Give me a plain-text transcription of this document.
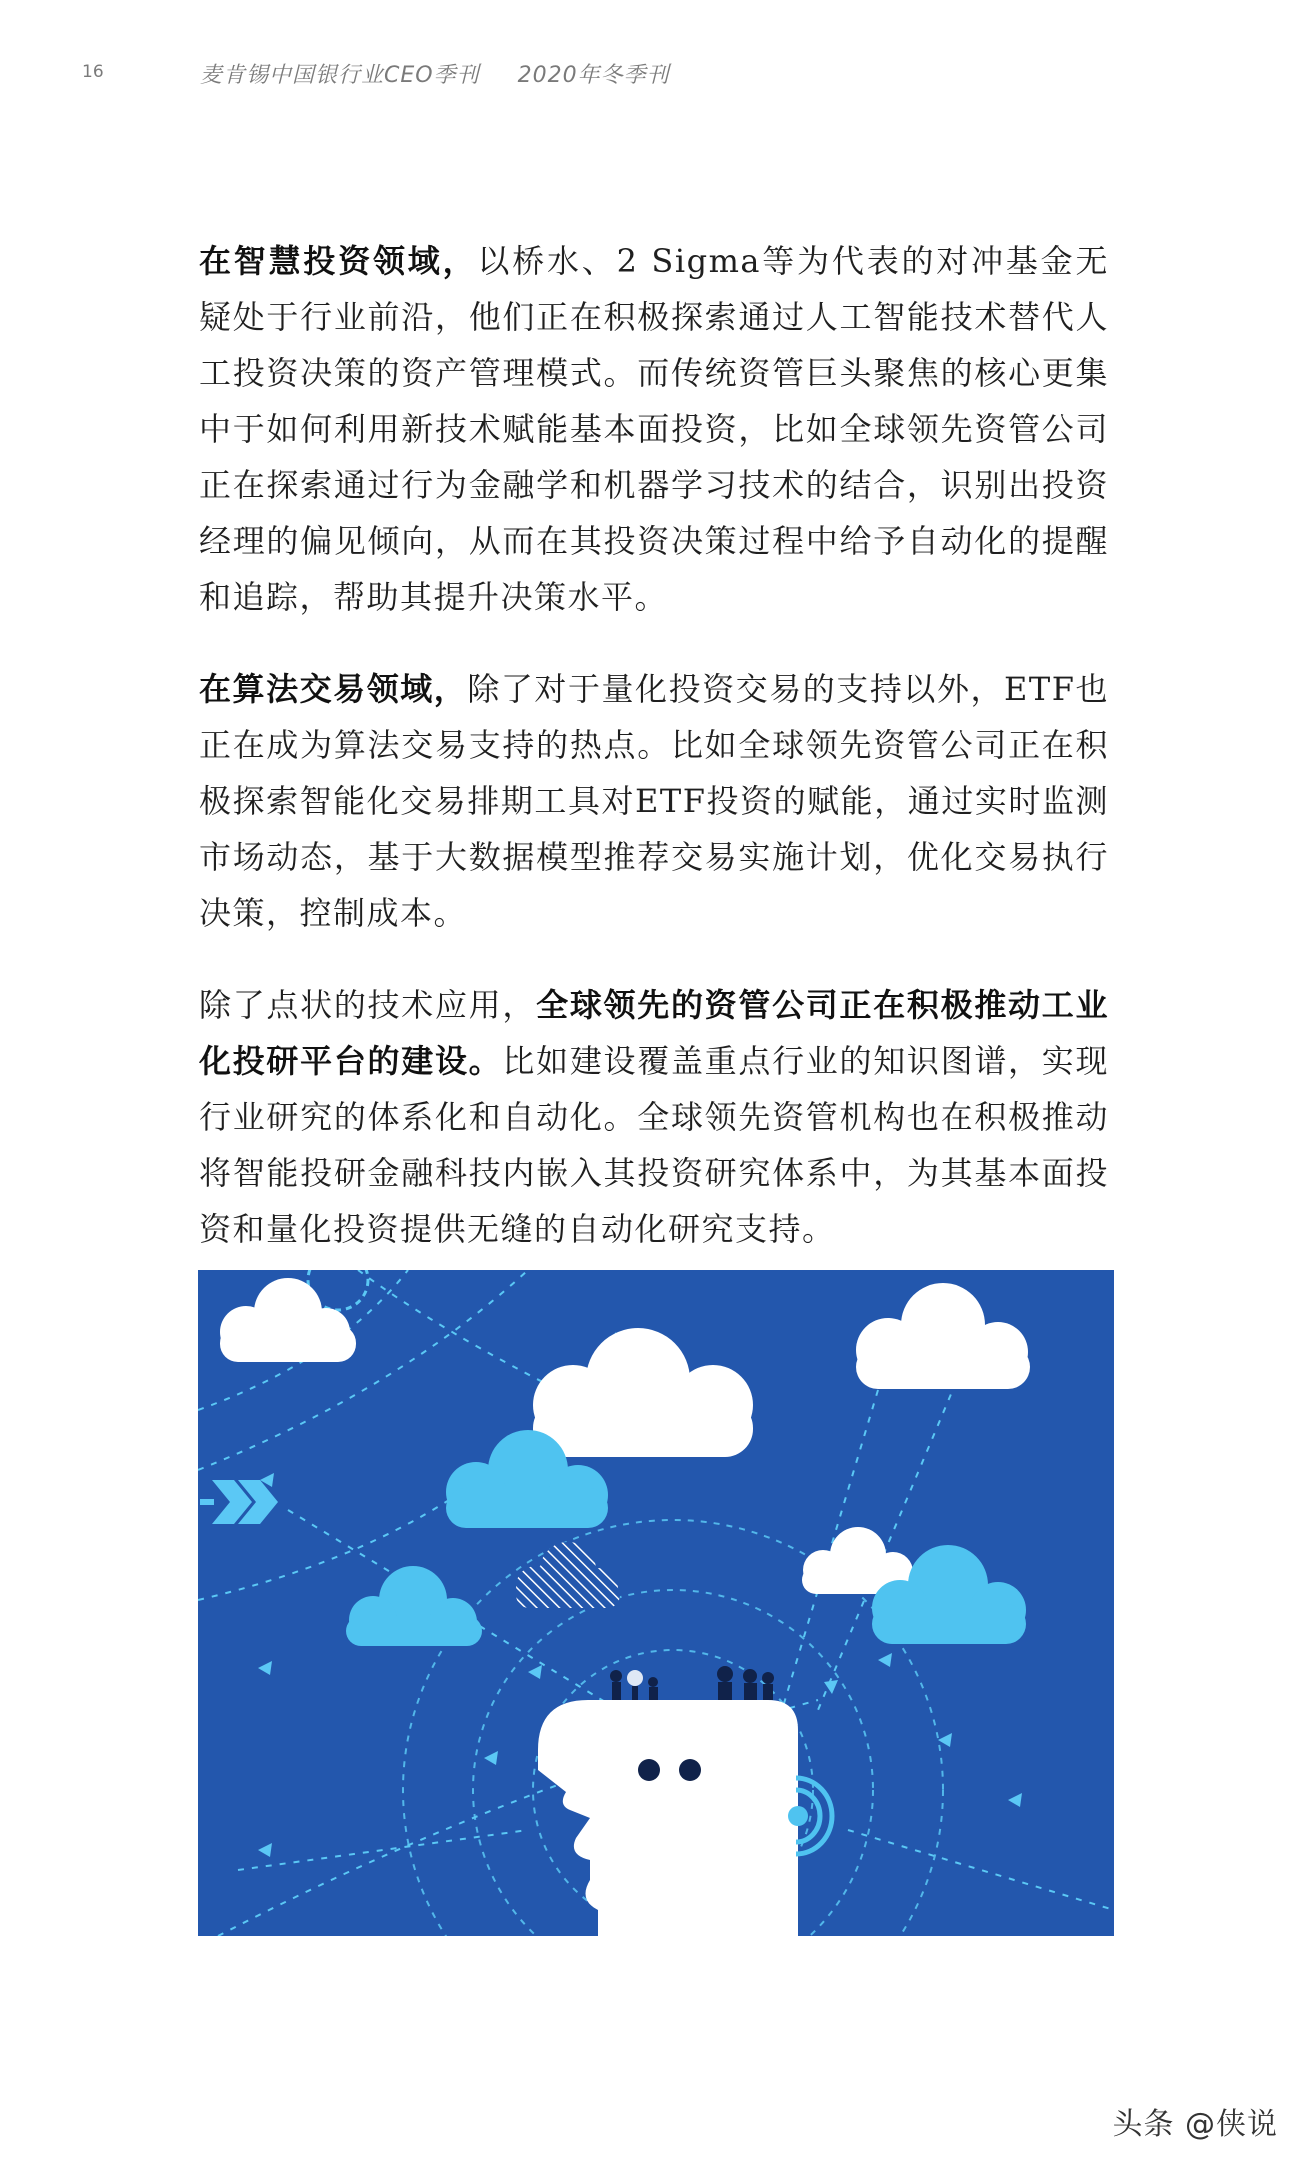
16	麦肯锡中国银行业CEO季刊 2020年冬季刊

在智慧投资领域，以桥水、2 Sigma等为代表的对冲基金无疑处于行业前沿，他们正在积极探索通过人工智能技术替代人工投资决策的资产管理模式。而传统资管巨头聚焦的核心更集中于如何利用新技术赋能基本面投资，比如全球领先资管公司正在探索通过行为金融学和机器学习技术的结合，识别出投资经理的偏见倾向，从而在其投资决策过程中给予自动化的提醒和追踪，帮助其提升决策水平。

在算法交易领域，除了对于量化投资交易的支持以外，ETF也正在成为算法交易支持的热点。比如全球领先资管公司正在积极探索智能化交易排期工具对ETF投资的赋能，通过实时监测市场动态，基于大数据模型推荐交易实施计划，优化交易执行决策，控制成本。

除了点状的技术应用，全球领先的资管公司正在积极推动工业化投研平台的建设。比如建设覆盖重点行业的知识图谱，实现行业研究的体系化和自动化。全球领先资管机构也在积极推动将智能投研金融科技内嵌入其投资研究体系中，为其基本面投资和量化投资提供无缝的自动化研究支持。

头条 @侠说
